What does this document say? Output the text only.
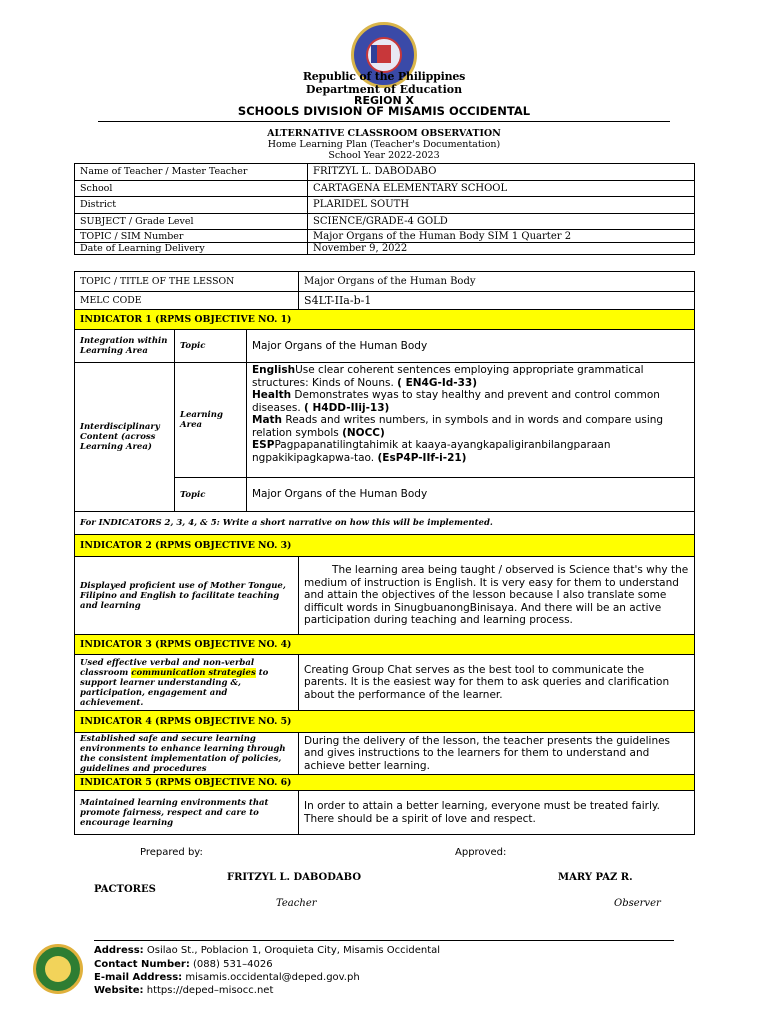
Republic of the Philippines
Department of Education
REGION X
SCHOOLS DIVISION OF MISAMIS OCCIDENTAL
ALTERNATIVE CLASSROOM OBSERVATION
Home Learning Plan (Teacher's Documentation)
School Year 2022-2023
Name of Teacher / Master Teacher	FRITZYL L. DABODABO
School	CARTAGENA ELEMENTARY SCHOOL
District	PLARIDEL SOUTH
SUBJECT / Grade Level	SCIENCE/GRADE-4 GOLD
TOPIC / SIM Number	Major Organs of the Human Body SIM 1 Quarter 2
Date of Learning Delivery	November 9, 2022
TOPIC / TITLE OF THE LESSON			Major Organs of the Human Body
MELC CODE			S4LT-IIa-b-1
INDICATOR 1 (RPMS OBJECTIVE NO. 1)			
Integration within Learning Area	Topic	Major Organs of the Human Body	
Interdisciplinary Content (across Learning Area)	Learning Area	EnglishUse clear coherent sentences employing appropriate grammatical structures: Kinds of Nouns. ( EN4G-Id-33)
Health Demonstrates wyas to stay healthy and prevent and control common diseases. ( H4DD-IIij-13)
Math Reads and writes numbers, in symbols and in words and compare using relation symbols (NOCC)
ESPPagpapanatilingtahimik at kaaya-ayangkapaligiranbilangparaan ngpakikipagkapwa-tao. (EsP4P-IIf-i-21)	
	Topic	Major Organs of the Human Body	
For INDICATORS 2, 3, 4, & 5: Write a short narrative on how this will be implemented.			
INDICATOR 2 (RPMS OBJECTIVE NO. 3)			
Displayed proficient use of Mother Tongue, Filipino and English to facilitate teaching and learning			The learning area being taught / observed is Science that's why the medium of instruction is English. It is very easy for them to understand and attain the objectives of the lesson because I also translate some difficult words in SinugbuanongBinisaya. And there will be an active participation during teaching and learning process.
INDICATOR 3 (RPMS OBJECTIVE NO. 4)			
Used effective verbal and non-verbal classroom communication strategies to support learner understanding &, participation, engagement and achievement.			Creating Group Chat serves as the best tool to communicate the parents. It is the easiest way for them to ask queries and clarification about the performance of the learner.
INDICATOR 4 (RPMS OBJECTIVE NO. 5)			
Established safe and secure learning environments to enhance learning through the consistent implementation of policies, guidelines and procedures			During the delivery of the lesson, the teacher presents the guidelines and gives instructions to the learners for them to understand and achieve better learning.
INDICATOR 5 (RPMS OBJECTIVE NO. 6)			
Maintained learning environments that promote fairness, respect and care to encourage learning			In order to attain a better learning, everyone must be treated fairly. There should be a spirit of love and respect.
Prepared by:	Approved:
FRITZYL L. DABODABO	MARY PAZ R.
PACTORES
Teacher	Observer
Address: Osilao St., Poblacion 1, Oroquieta City, Misamis Occidental
Contact Number: (088) 531–4026
E-mail Address: misamis.occidental@deped.gov.ph
Website: https://deped–misocc.net
